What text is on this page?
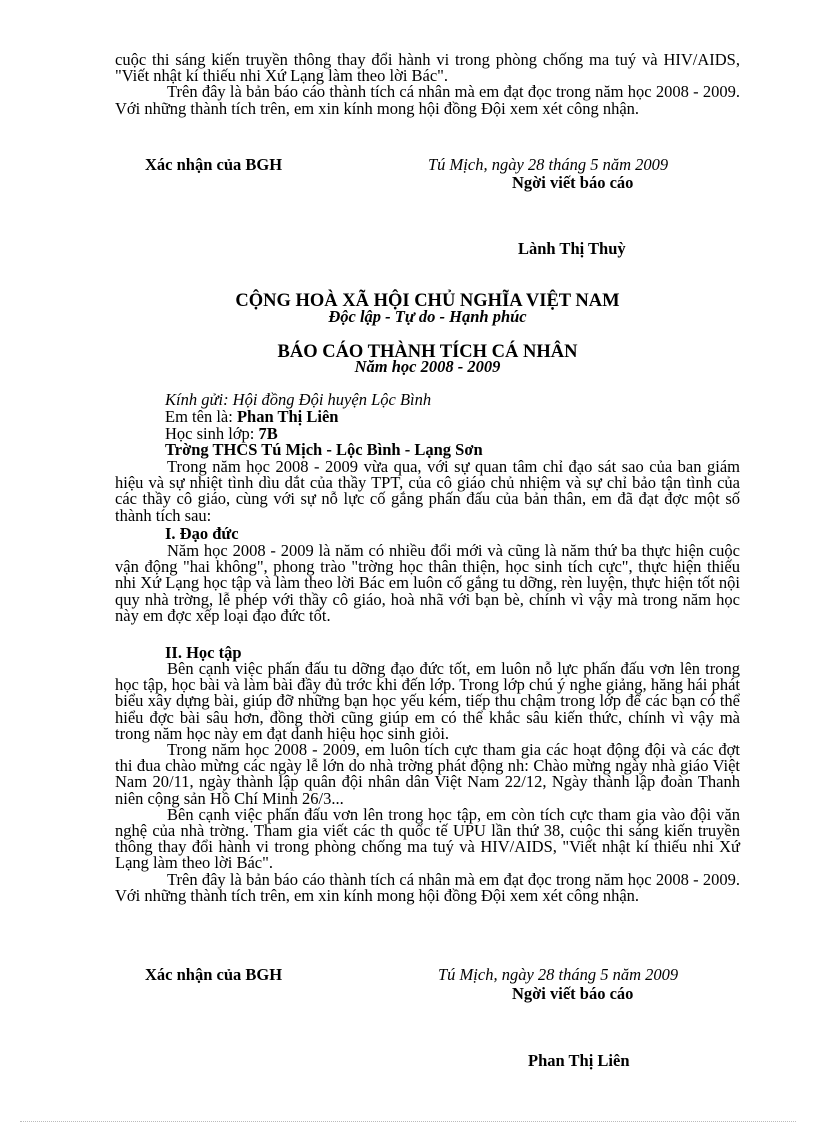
cuộc thi sáng kiến truyền thông thay đổi hành vi trong phòng chống ma tuý và HIV/AIDS, "Viết nhật kí thiếu nhi Xứ Lạng làm theo lời Bác".

Trên đây là bản báo cáo thành tích cá nhân mà em đạt đọc trong năm học 2008 - 2009. Với những thành tích trên, em xin kính mong hội đồng Đội xem xét công nhận.

Xác nhận của BGH	Tú Mịch, ngày 28 tháng 5 năm 2009
Ngời viết báo cáo
Lành Thị Thuỳ
CỘNG HOÀ XÃ HỘI CHỦ NGHĨA VIỆT NAM
Độc lập - Tự do - Hạnh phúc
BÁO CÁO THÀNH TÍCH CÁ NHÂN
Năm học 2008 - 2009
Kính gửi: Hội đồng Đội huyện Lộc Bình
Em tên là: Phan Thị Liên
Học sinh lớp: 7B
Trờng THCS Tú Mịch - Lộc Bình - Lạng Sơn

Trong năm học 2008 - 2009 vừa qua, với sự quan tâm chỉ đạo sát sao của ban giám hiệu và sự nhiệt tình dìu dắt của thầy TPT, của cô giáo chủ nhiệm và sự chỉ bảo tận tình của các thầy cô giáo, cùng với sự nỗ lực cố gắng phấn đấu của bản thân, em đã đạt đợc một số thành tích sau:

I. Đạo đức

Năm học 2008 - 2009 là năm có nhiều đổi mới và cũng là năm thứ ba thực hiện cuộc vận động "hai không", phong trào "trờng học thân thiện, học sinh tích cực", thực hiện thiếu nhi Xứ Lạng học tập và làm theo lời Bác em luôn cố gắng tu dỡng, rèn luyện, thực hiện tốt nội quy nhà trờng, lễ phép với thầy cô giáo, hoà nhã với bạn bè, chính vì vậy mà trong năm học này em đợc xếp loại đạo đức tốt.

II. Học tập

Bên cạnh việc phấn đấu tu dỡng đạo đức tốt, em luôn nỗ lực phấn đấu vơn lên trong học tập, học bài và làm bài đầy đủ trớc khi đến lớp. Trong lớp chú ý nghe giảng, hăng hái phát biểu xây dựng bài, giúp đỡ những bạn học yếu kém, tiếp thu chậm trong lớp để các bạn có thể hiểu đợc bài sâu hơn, đồng thời cũng giúp em có thể khắc sâu kiến thức, chính vì vậy mà trong năm học này em đạt danh hiệu học sinh giỏi.

Trong năm học 2008 - 2009, em luôn tích cực tham gia các hoạt động đội và các đợt thi đua chào mừng các ngày lễ lớn do nhà trờng phát động nh: Chào mừng ngày nhà giáo Việt Nam 20/11, ngày thành lập quân đội nhân dân Việt Nam 22/12, Ngày thành lập đoàn Thanh niên cộng sản Hồ Chí Minh 26/3...

Bên cạnh việc phấn đấu vơn lên trong học tập, em còn tích cực tham gia vào đội văn nghệ của nhà trờng. Tham gia viết các th quốc tế UPU lần thứ 38, cuộc thi sáng kiến truyền thông thay đổi hành vi trong phòng chống ma tuý và HIV/AIDS, "Viết nhật kí thiếu nhi Xứ Lạng làm theo lời Bác".

Trên đây là bản báo cáo thành tích cá nhân mà em đạt đọc trong năm học 2008 - 2009. Với những thành tích trên, em xin kính mong hội đồng Đội xem xét công nhận.

Xác nhận của BGH	Tú Mịch, ngày 28 tháng 5 năm 2009
Ngời viết báo cáo
Phan Thị Liên
